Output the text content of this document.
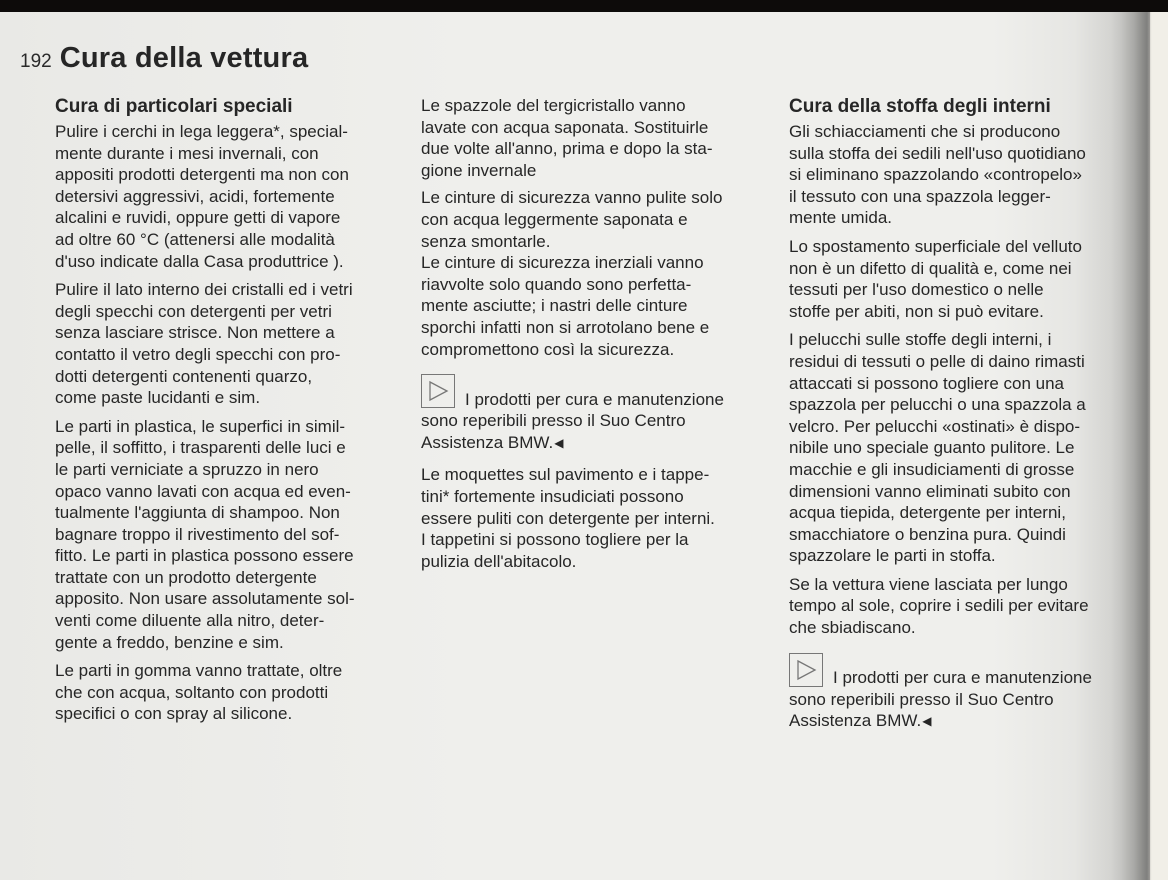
192 Cura della vettura
Cura di particolari speciali

Pulire i cerchi in lega leggera*, special-
mente durante i mesi invernali, con
appositi prodotti detergenti ma non con
detersivi aggressivi, acidi, fortemente
alcalini e ruvidi, oppure getti di vapore
ad oltre 60 °C (attenersi alle modalità
d'uso indicate dalla Casa produttrice ).

Pulire il lato interno dei cristalli ed i vetri
degli specchi con detergenti per vetri
senza lasciare strisce. Non mettere a
contatto il vetro degli specchi con pro-
dotti detergenti contenenti quarzo,
come paste lucidanti e sim.

Le parti in plastica, le superfici in simil-
pelle, il soffitto, i trasparenti delle luci e
le parti verniciate a spruzzo in nero
opaco vanno lavati con acqua ed even-
tualmente l'aggiunta di shampoo. Non
bagnare troppo il rivestimento del sof-
fitto. Le parti in plastica possono essere
trattate con un prodotto detergente
apposito. Non usare assolutamente sol-
venti come diluente alla nitro, deter-
gente a freddo, benzine e sim.

Le parti in gomma vanno trattate, oltre
che con acqua, soltanto con prodotti
specifici o con spray al silicone.

Le spazzole del tergicristallo vanno
lavate con acqua saponata. Sostituirle
due volte all'anno, prima e dopo la sta-
gione invernale

Le cinture di sicurezza vanno pulite solo
con acqua leggermente saponata e
senza smontarle.

Le cinture di sicurezza inerziali vanno
riavvolte solo quando sono perfetta-
mente asciutte; i nastri delle cinture
sporchi infatti non si arrotolano bene e
compromettono così la sicurezza.

I prodotti per cura e manutenzione
sono reperibili presso il Suo Centro
Assistenza BMW.◀

Le moquettes sul pavimento e i tappe-
tini* fortemente insudiciati possono
essere puliti con detergente per interni.
I tappetini si possono togliere per la
pulizia dell'abitacolo.

Cura della stoffa degli interni

Gli schiacciamenti che si producono
sulla stoffa dei sedili nell'uso quotidiano
si eliminano spazzolando «contropelo»
il tessuto con una spazzola legger-
mente umida.

Lo spostamento superficiale del velluto
non è un difetto di qualità e, come nei
tessuti per l'uso domestico o nelle
stoffe per abiti, non si può evitare.

I pelucchi sulle stoffe degli interni, i
residui di tessuti o pelle di daino rimasti
attaccati si possono togliere con una
spazzola per pelucchi o una spazzola a
velcro. Per pelucchi «ostinati» è dispo-
nibile uno speciale guanto pulitore. Le
macchie e gli insudiciamenti di grosse
dimensioni vanno eliminati subito con
acqua tiepida, detergente per interni,
smacchiatore o benzina pura. Quindi
spazzolare le parti in stoffa.

Se la vettura viene lasciata per lungo
tempo al sole, coprire i sedili per evitare
che sbiadiscano.

I prodotti per cura e manutenzione
sono reperibili presso il Suo Centro
Assistenza BMW.◀
